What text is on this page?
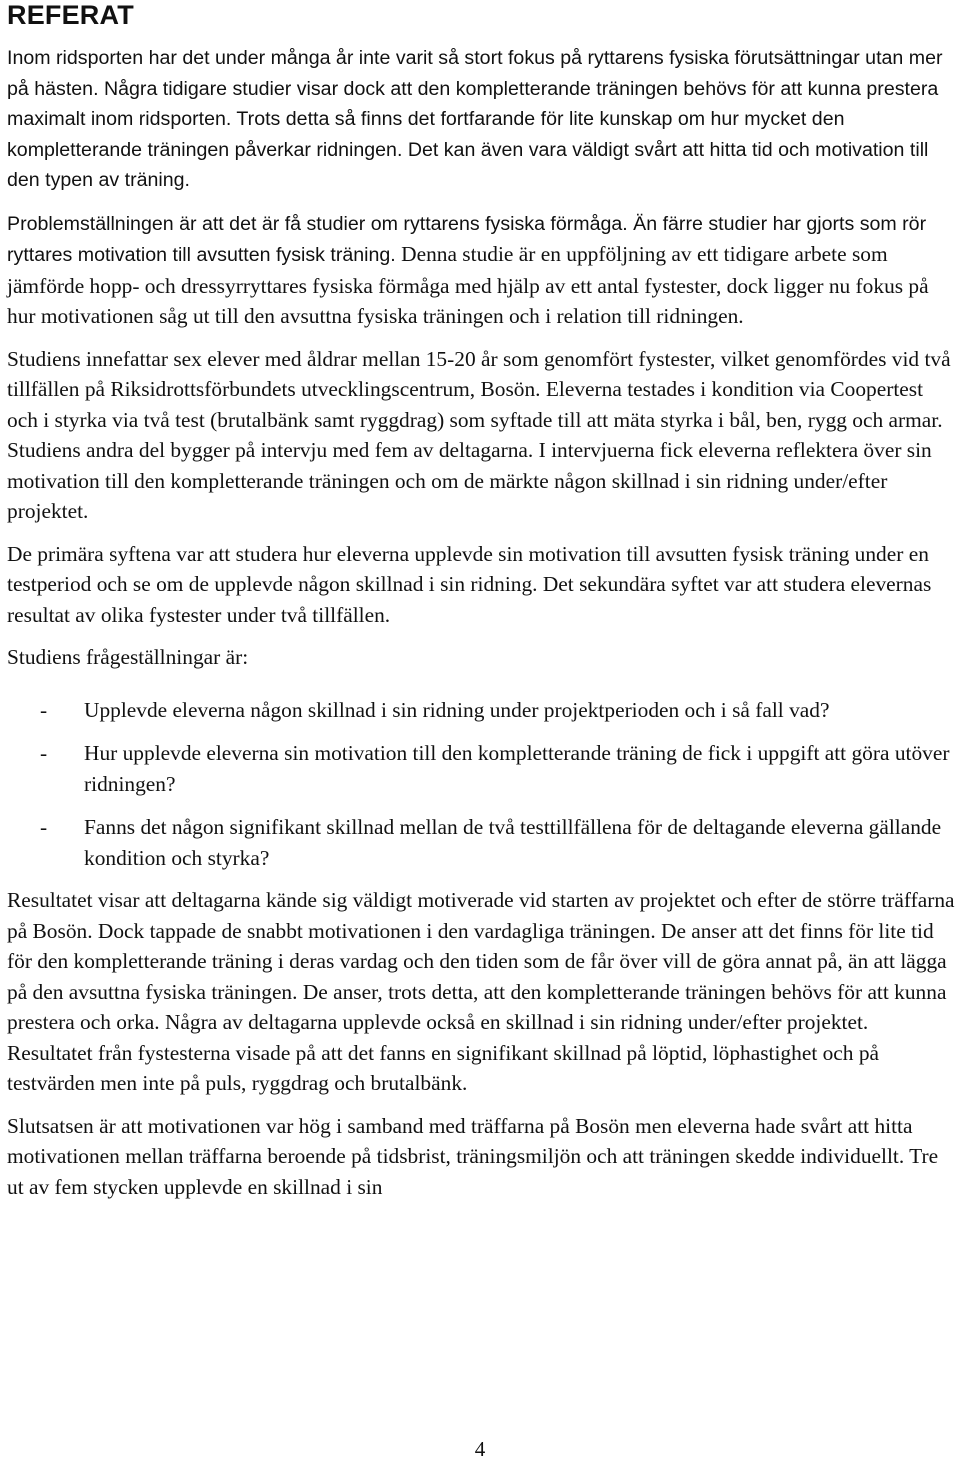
REFERAT

Inom ridsporten har det under många år inte varit så stort fokus på ryttarens fysiska förutsättningar utan mer på hästen. Några tidigare studier visar dock att den kompletterande träningen behövs för att kunna prestera maximalt inom ridsporten. Trots detta så finns det fortfarande för lite kunskap om hur mycket den kompletterande träningen påverkar ridningen. Det kan även vara väldigt svårt att hitta tid och motivation till den typen av träning.

Problemställningen är att det är få studier om ryttarens fysiska förmåga. Än färre studier har gjorts som rör ryttares motivation till avsutten fysisk träning. Denna studie är en uppföljning av ett tidigare arbete som jämförde hopp- och dressyrryttares fysiska förmåga med hjälp av ett antal fystester, dock ligger nu fokus på hur motivationen såg ut till den avsuttna fysiska träningen och i relation till ridningen.

Studiens innefattar sex elever med åldrar mellan 15-20 år som genomfört fystester, vilket genomfördes vid två tillfällen på Riksidrottsförbundets utvecklingscentrum, Bosön. Eleverna testades i kondition via Coopertest och i styrka via två test (brutalbänk samt ryggdrag) som syftade till att mäta styrka i bål, ben, rygg och armar. Studiens andra del bygger på intervju med fem av deltagarna. I intervjuerna fick eleverna reflektera över sin motivation till den kompletterande träningen och om de märkte någon skillnad i sin ridning under/efter projektet.

De primära syftena var att studera hur eleverna upplevde sin motivation till avsutten fysisk träning under en testperiod och se om de upplevde någon skillnad i sin ridning. Det sekundära syftet var att studera elevernas resultat av olika fystester under två tillfällen.

Studiens frågeställningar är:

- Upplevde eleverna någon skillnad i sin ridning under projektperioden och i så fall vad?
- Hur upplevde eleverna sin motivation till den kompletterande träning de fick i uppgift att göra utöver ridningen?
- Fanns det någon signifikant skillnad mellan de två testtillfällena för de deltagande eleverna gällande kondition och styrka?

Resultatet visar att deltagarna kände sig väldigt motiverade vid starten av projektet och efter de större träffarna på Bosön. Dock tappade de snabbt motivationen i den vardagliga träningen. De anser att det finns för lite tid för den kompletterande träning i deras vardag och den tiden som de får över vill de göra annat på, än att lägga på den avsuttna fysiska träningen. De anser, trots detta, att den kompletterande träningen behövs för att kunna prestera och orka. Några av deltagarna upplevde också en skillnad i sin ridning under/efter projektet. Resultatet från fystesterna visade på att det fanns en signifikant skillnad på löptid, löphastighet och på testvärden men inte på puls, ryggdrag och brutalbänk.

Slutsatsen är att motivationen var hög i samband med träffarna på Bosön men eleverna hade svårt att hitta motivationen mellan träffarna beroende på tidsbrist, träningsmiljön och att träningen skedde individuellt. Tre ut av fem stycken upplevde en skillnad i sin

4
